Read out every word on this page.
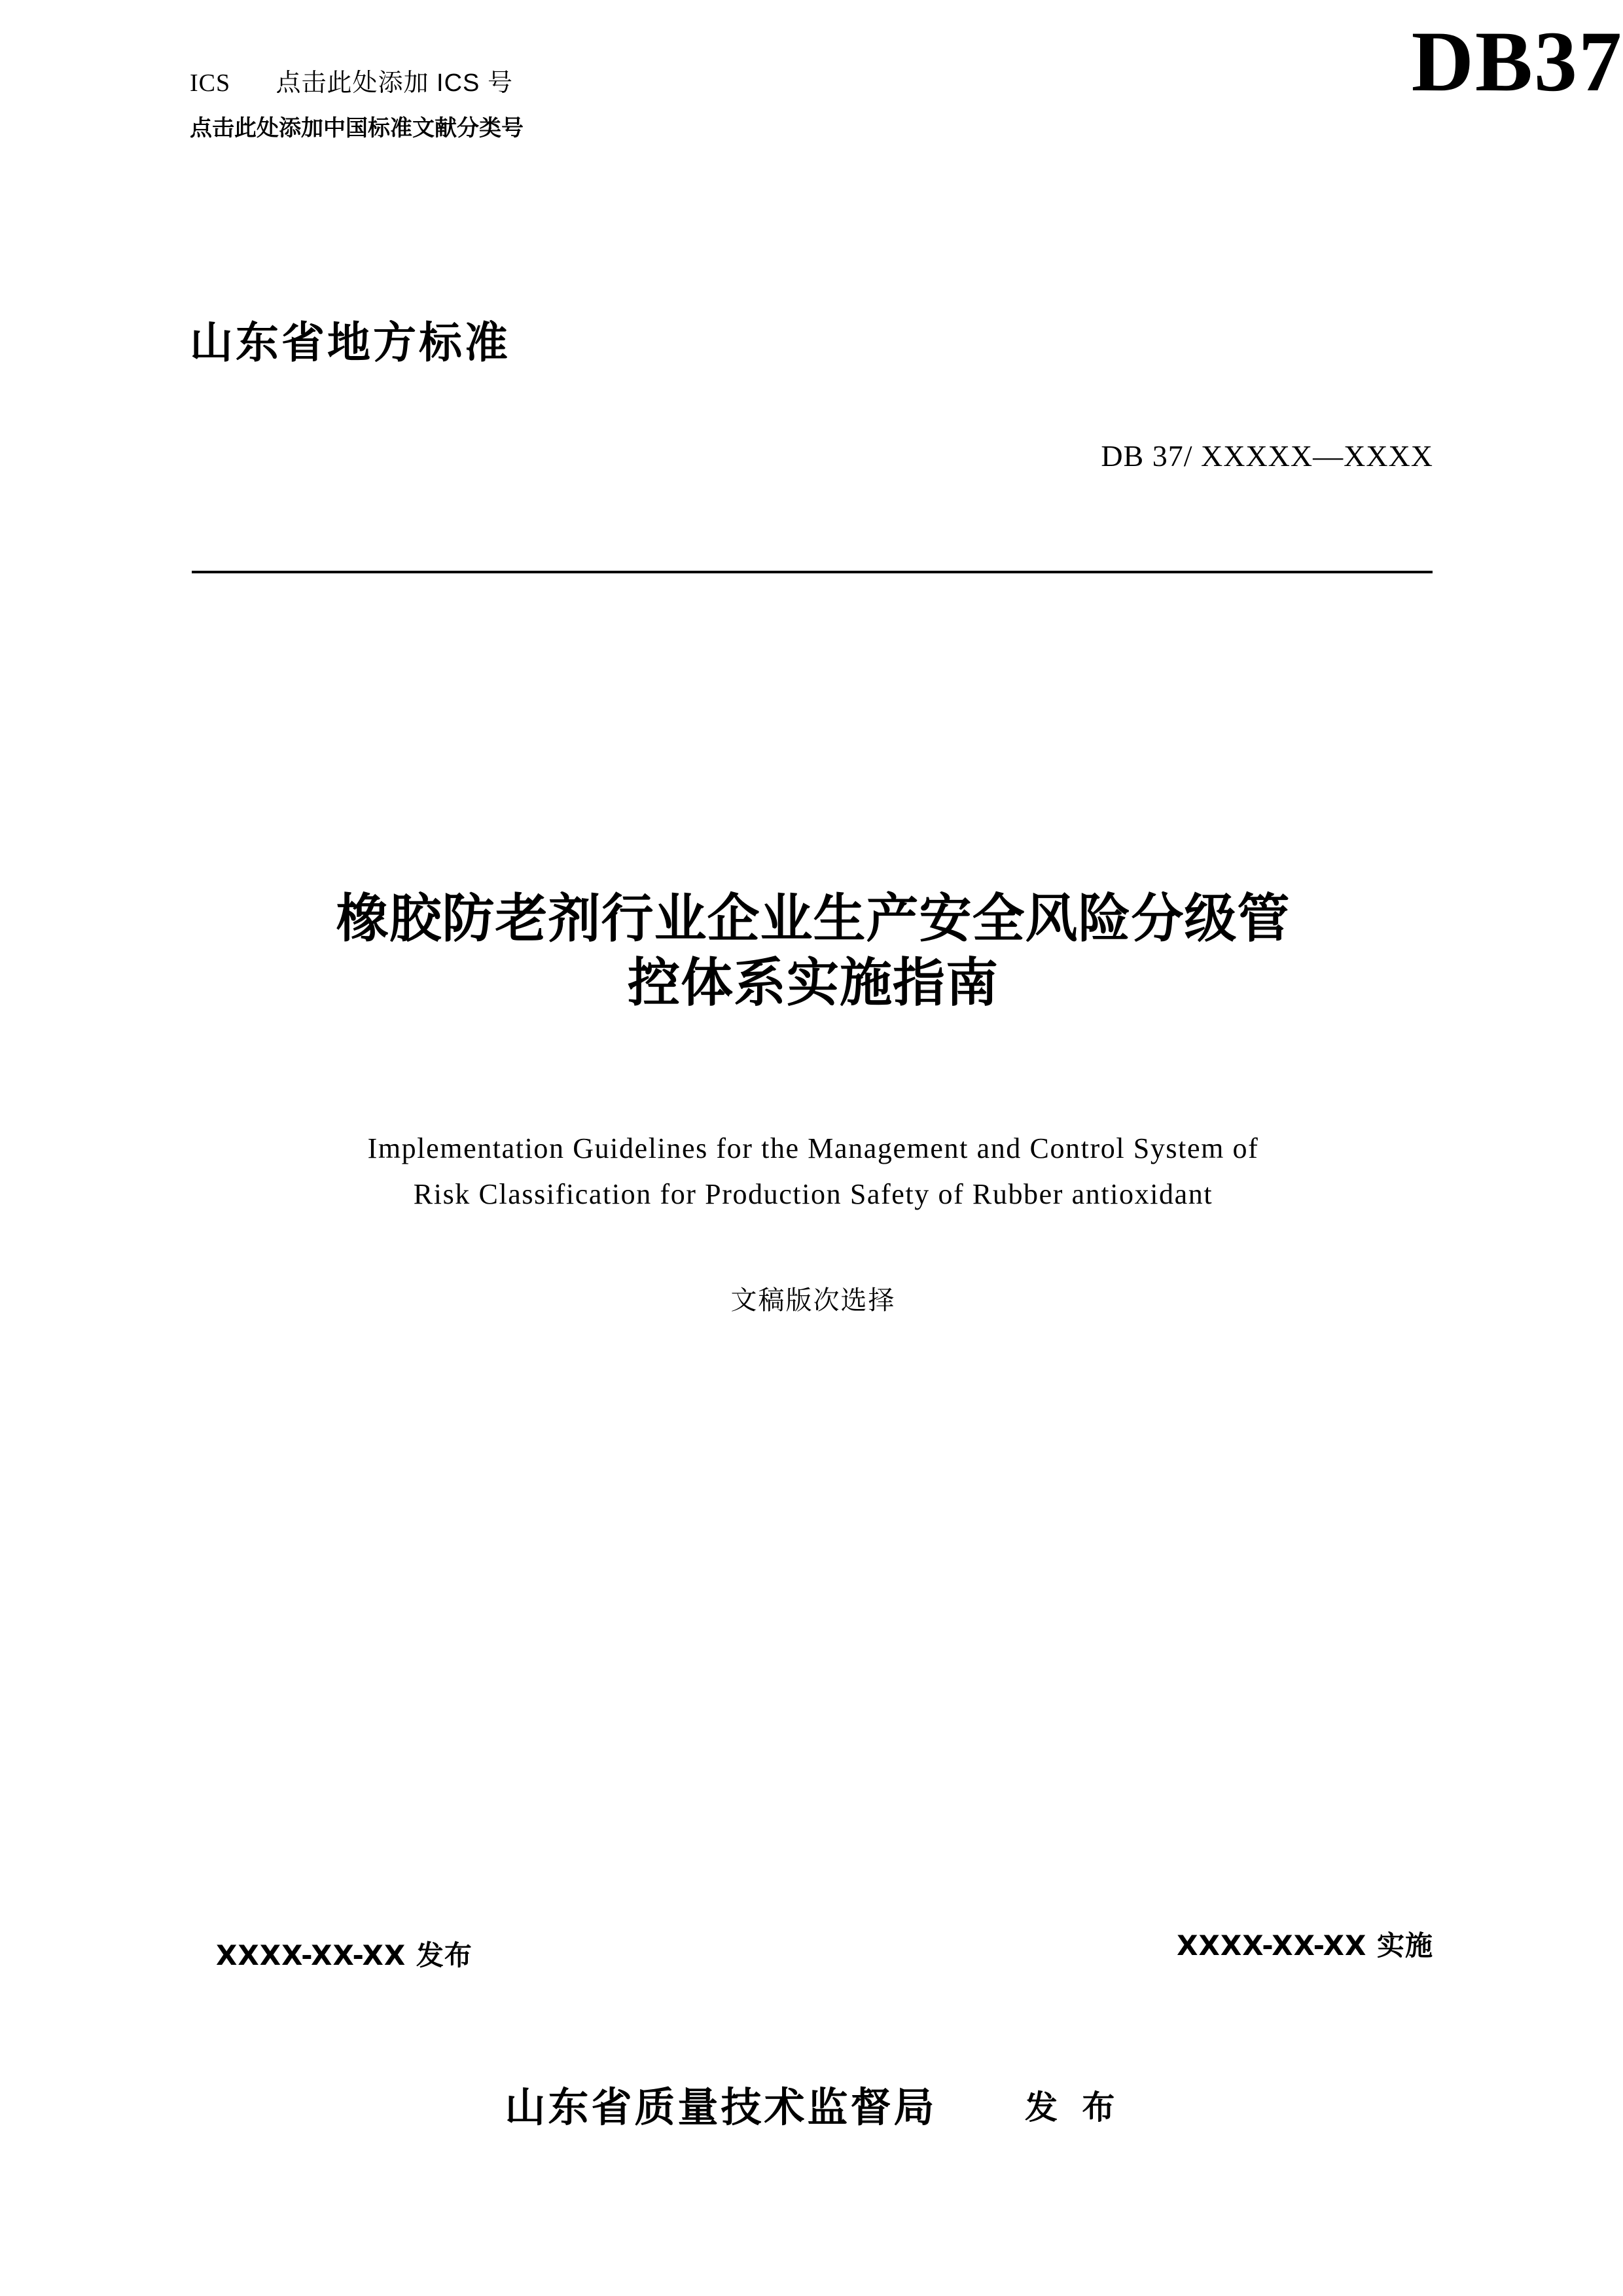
ICS 点击此处添加 ICS 号
点击此处添加中国标准文献分类号
DB37
山东省地方标准
DB 37/ XXXXX—XXXX
橡胶防老剂行业企业生产安全风险分级管
控体系实施指南
Implementation Guidelines for the Management and Control System of
Risk Classification for Production Safety of Rubber antioxidant
文稿版次选择
XXXX-XX-XX 发布	XXXX-XX-XX 实施
山东省质量技术监督局	发 布
